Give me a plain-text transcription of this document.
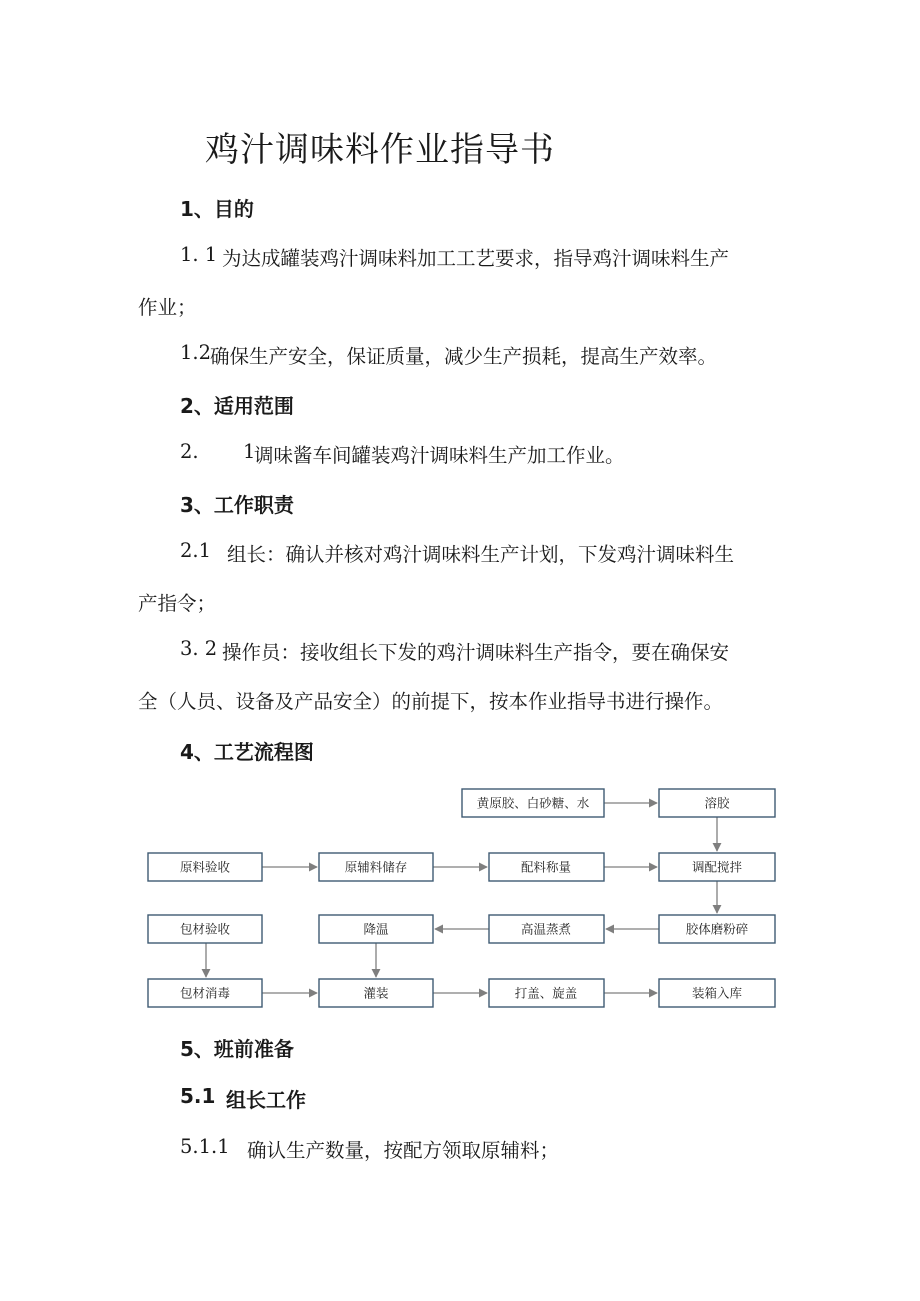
鸡汁调味料作业指导书
1、目的
1. 1 为达成罐装鸡汁调味料加工工艺要求，指导鸡汁调味料生产
作业；
1.2
确保生产安全，保证质量，减少生产损耗，提高生产效率。
2、适用范围
2. 1
调味酱车间罐装鸡汁调味料生产加工作业。
3、工作职责
2.1 组长：确认并核对鸡汁调味料生产计划，下发鸡汁调味料生
产指令；
3. 2 操作员：接收组长下发的鸡汁调味料生产指令，要在确保安
全（人员、设备及产品安全）的前提下，按本作业指导书进行操作。
4、工艺流程图
黄原胶、白砂糖、水	溶胶
原料验收	原辅料储存	配料称量	调配搅拌
包材验收	降温	高温蒸煮	胶体磨粉碎
包材消毒	灌装	打盖、旋盖	装箱入库
5、班前准备
5.1 组长工作
5.1.1 确认生产数量，按配方领取原辅料；
